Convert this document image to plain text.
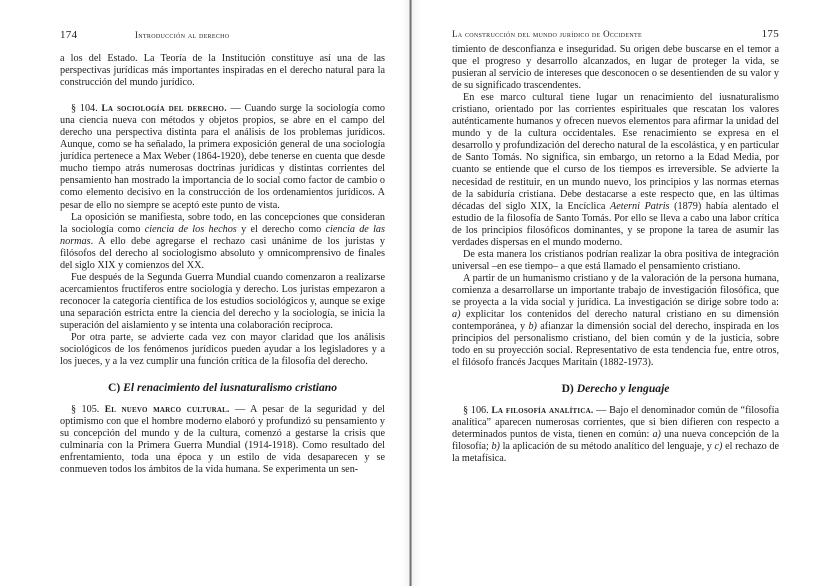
174	Introducción al derecho

a los del Estado. La Teoría de la Institución constituye así una de las perspectivas jurídicas más importantes inspiradas en el derecho natural para la construcción del mundo jurídico.

§ 104. La sociología del derecho. — Cuando surge la sociología como una ciencia nueva con métodos y objetos propios, se abre en el campo del derecho una perspectiva distinta para el análisis de los problemas jurídicos. Aunque, como se ha señalado, la primera exposición general de una sociología jurídica pertenece a Max Weber (1864-1920), debe tenerse en cuenta que desde mucho tiempo atrás numerosas doctrinas jurídicas y distintas corrientes del pensamiento han mostrado la importancia de lo social como factor de cambio o como elemento decisivo en la construcción de los ordenamientos jurídicos. A pesar de ello no siempre se aceptó este punto de vista.

La oposición se manifiesta, sobre todo, en las concepciones que consideran la sociología como ciencia de los hechos y el derecho como ciencia de las normas. A ello debe agregarse el rechazo casi unánime de los juristas y filósofos del derecho al sociologismo absoluto y omnicomprensivo de finales del siglo XIX y comienzos del XX.

Fue después de la Segunda Guerra Mundial cuando comenzaron a realizarse acercamientos fructíferos entre sociología y derecho. Los juristas empezaron a reconocer la categoría científica de los estudios sociológicos y, aunque se exige una separación estricta entre la ciencia del derecho y la sociología, se inicia la superación del aislamiento y se intenta una colaboración recíproca.

Por otra parte, se advierte cada vez con mayor claridad que los análisis sociológicos de los fenómenos jurídicos pueden ayudar a los legisladores y a los jueces, y a la vez cumplir una función crítica de la filosofía del derecho.

C) El renacimiento del iusnaturalismo cristiano

§ 105. El nuevo marco cultural. — A pesar de la seguridad y del optimismo con que el hombre moderno elaboró y profundizó su pensamiento y su concepción del mundo y de la cultura, comenzó a gestarse la crisis que culminaría con la Primera Guerra Mundial (1914-1918). Como resultado del enfrentamiento, toda una época y un estilo de vida desaparecen y se conmueven todos los ámbitos de la vida humana. Se experimenta un sen-

La construcción del mundo jurídico de Occidente	175

timiento de desconfianza e inseguridad. Su origen debe buscarse en el temor a que el progreso y desarrollo alcanzados, en lugar de proteger la vida, se pusieran al servicio de intereses que desconocen o se desentienden de su valor y de su significado trascendentes.

En ese marco cultural tiene lugar un renacimiento del iusnaturalismo cristiano, orientado por las corrientes espirituales que rescatan los valores auténticamente humanos y ofrecen nuevos elementos para afirmar la unidad del mundo y de la cultura occidentales. Ese renacimiento se expresa en el desarrollo y profundización del derecho natural de la escolástica, y en particular de Santo Tomás. No significa, sin embargo, un retorno a la Edad Media, por cuanto se entiende que el curso de los tiempos es irreversible. Se advierte la necesidad de restituir, en un mundo nuevo, los principios y las normas eternas de la sabiduría cristiana. Debe destacarse a este respecto que, en las últimas décadas del siglo XIX, la Encíclica Aeterni Patris (1879) había alentado el estudio de la filosofía de Santo Tomás. Por ello se lleva a cabo una labor crítica de los principios filosóficos dominantes, y se propone la tarea de asumir las verdades dispersas en el mundo moderno.

De esta manera los cristianos podrían realizar la obra positiva de integración universal –en ese tiempo– a que está llamado el pensamiento cristiano.

A partir de un humanismo cristiano y de la valoración de la persona humana, comienza a desarrollarse un importante trabajo de investigación filosófica, que se proyecta a la vida social y jurídica. La investigación se dirige sobre todo a: a) explicitar los contenidos del derecho natural cristiano en su dimensión contemporánea, y b) afianzar la dimensión social del derecho, inspirada en los principios del personalismo cristiano, del bien común y de la justicia, sobre todo en su proyección social. Representativo de esta tendencia fue, entre otros, el filósofo francés Jacques Maritain (1882-1973).

D) Derecho y lenguaje

§ 106. La filosofía analítica. — Bajo el denominador común de “filosofía analítica” aparecen numerosas corrientes, que si bien difieren con respecto a determinados puntos de vista, tienen en común: a) una nueva concepción de la filosofía; b) la aplicación de su método analítico del lenguaje, y c) el rechazo de la metafísica.
